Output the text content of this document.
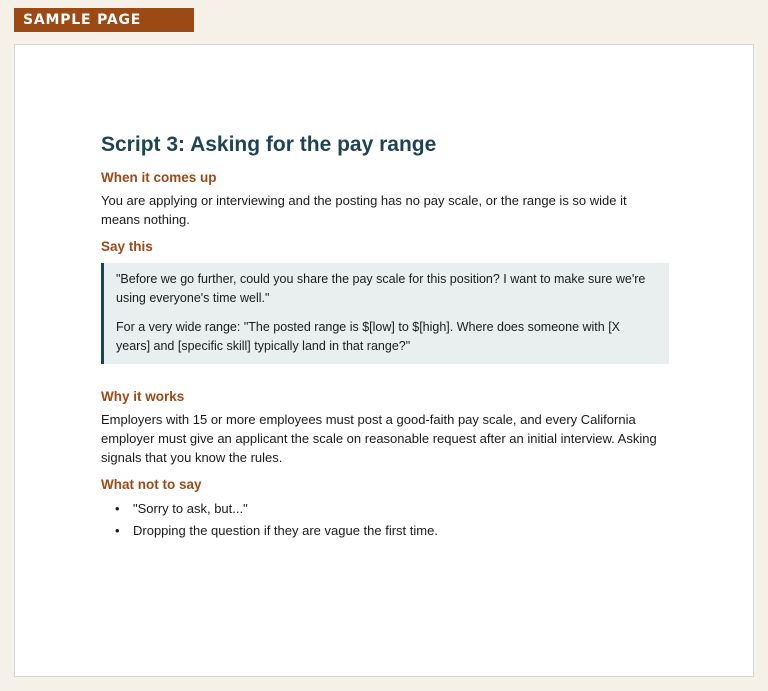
SAMPLE PAGE
Script 3: Asking for the pay range
When it comes up

You are applying or interviewing and the posting has no pay scale, or the range is so wide it means nothing.

Say this

"Before we go further, could you share the pay scale for this position? I want to make sure we're using everyone's time well."

For a very wide range: "The posted range is $[low] to $[high]. Where does someone with [X years] and [specific skill] typically land in that range?"

Why it works

Employers with 15 or more employees must post a good-faith pay scale, and every California employer must give an applicant the scale on reasonable request after an initial interview. Asking signals that you know the rules.

What not to say
• "Sorry to ask, but..."
• Dropping the question if they are vague the first time.
